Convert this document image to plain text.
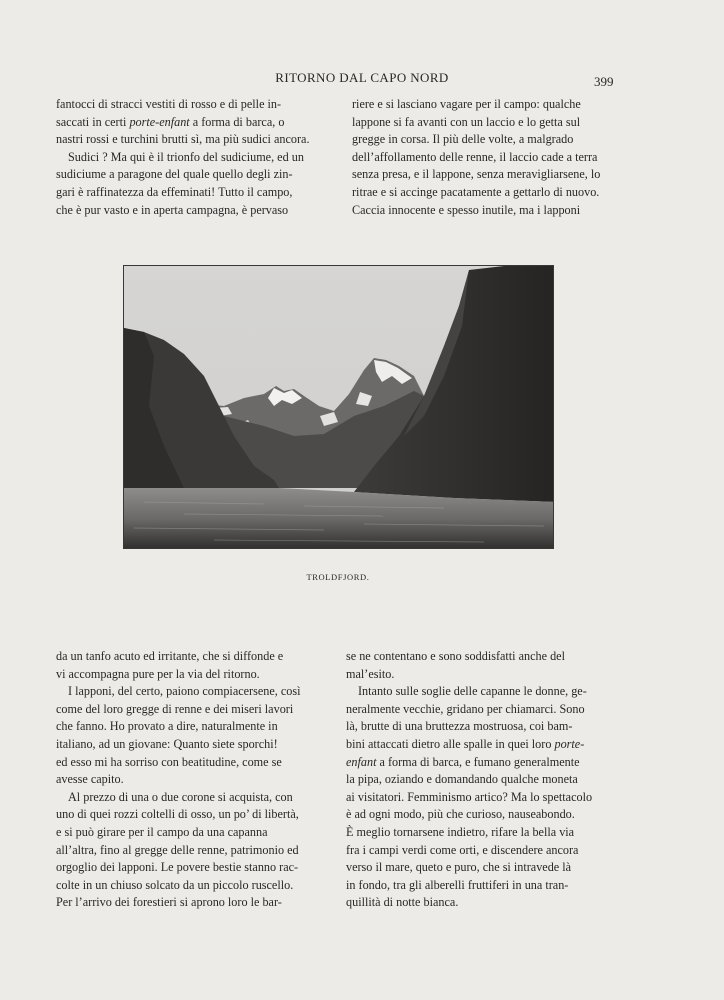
RITORNO DAL CAPO NORD	399

fantocci di stracci vestiti di rosso e di pelle in-
saccati in certi porte-enfant a forma di barca, o
nastri rossi e turchini brutti sì, ma più sudici ancora.

Sudici ? Ma qui è il trionfo del sudiciume, ed un
sudiciume a paragone del quale quello degli zin-
gari è raffinatezza da effeminati! Tutto il campo,
che è pur vasto e in aperta campagna, è pervaso

riere e si lasciano vagare per il campo: qualche
lappone si fa avanti con un laccio e lo getta sul
gregge in corsa. Il più delle volte, a malgrado
dell’affollamento delle renne, il laccio cade a terra
senza presa, e il lappone, senza meravigliarsene, lo
ritrae e si accinge pacatamente a gettarlo di nuovo.
Caccia innocente e spesso inutile, ma i lapponi

TROLDFJORD.

da un tanfo acuto ed irritante, che si diffonde e
vi accompagna pure per la via del ritorno.

I lapponi, del certo, paiono compiacersene, così
come del loro gregge di renne e dei miseri lavori
che fanno. Ho provato a dire, naturalmente in
italiano, ad un giovane: Quanto siete sporchi!
ed esso mi ha sorriso con beatitudine, come se
avesse capito.

Al prezzo di una o due corone si acquista, con
uno di quei rozzi coltelli di osso, un po’ di libertà,
e si può girare per il campo da una capanna
all’altra, fino al gregge delle renne, patrimonio ed
orgoglio dei lapponi. Le povere bestie stanno rac-
colte in un chiuso solcato da un piccolo ruscello.
Per l’arrivo dei forestieri si aprono loro le bar-

se ne contentano e sono soddisfatti anche del
mal’esito.

Intanto sulle soglie delle capanne le donne, ge-
neralmente vecchie, gridano per chiamarci. Sono
là, brutte di una bruttezza mostruosa, coi bam-
bini attaccati dietro alle spalle in quei loro porte-
enfant a forma di barca, e fumano generalmente
la pipa, oziando e domandando qualche moneta
ai visitatori. Femminismo artico? Ma lo spettacolo
è ad ogni modo, più che curioso, nauseabondo.
È meglio tornarsene indietro, rifare la bella via
fra i campi verdi come orti, e discendere ancora
verso il mare, queto e puro, che si intravede là
in fondo, tra gli alberelli fruttiferi in una tran-
quillità di notte bianca.
